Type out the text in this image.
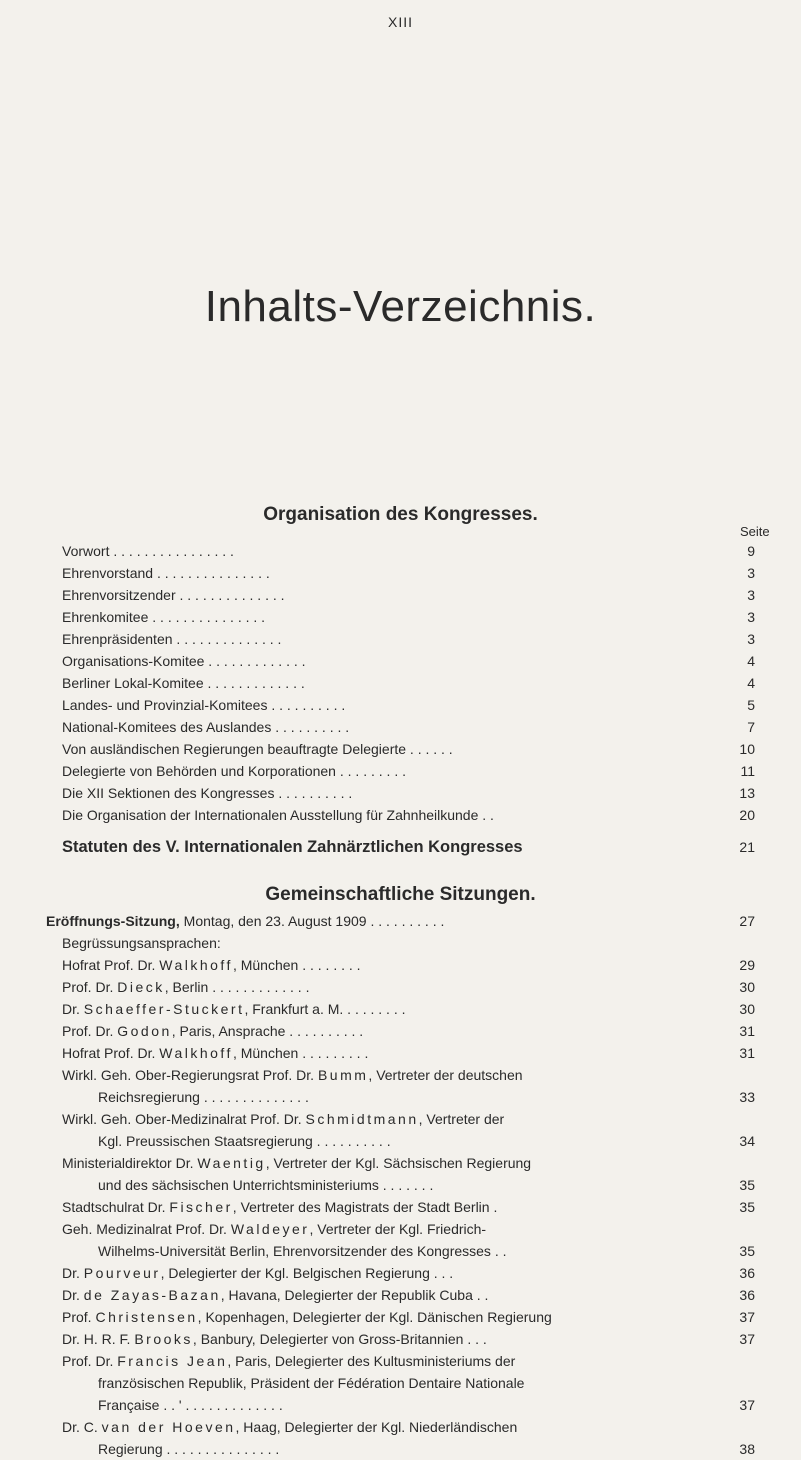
XIII
Inhalts-Verzeichnis.
Organisation des Kongresses.
Seite
Vorwort . . . . . . . . . . . . . . . .	9
Ehrenvorstand . . . . . . . . . . . . . . .	3
Ehrenvorsitzender . . . . . . . . . . . . . .	3
Ehrenkomitee . . . . . . . . . . . . . . .	3
Ehrenpräsidenten . . . . . . . . . . . . . .	3
Organisations-Komitee . . . . . . . . . . . . .	4
Berliner Lokal-Komitee . . . . . . . . . . . . .	4
Landes- und Provinzial-Komitees . . . . . . . . . .	5
National-Komitees des Auslandes . . . . . . . . . .	7
Von ausländischen Regierungen beauftragte Delegierte . . . . . .	10
Delegierte von Behörden und Korporationen . . . . . . . . .	11
Die XII Sektionen des Kongresses . . . . . . . . . .	13
Die Organisation der Internationalen Ausstellung für Zahnheilkunde . .	20
Statuten des V. Internationalen Zahnärztlichen Kongresses	21
Gemeinschaftliche Sitzungen.
Eröffnungs-Sitzung, Montag, den 23. August 1909 . . . . . . . . . .	27
Begrüssungsansprachen:
Hofrat Prof. Dr. Walkhoff, München . . . . . . . .	29
Prof. Dr. Dieck, Berlin . . . . . . . . . . . . .	30
Dr. Schaeffer-Stuckert, Frankfurt a. M. . . . . . . . .	30
Prof. Dr. Godon, Paris, Ansprache . . . . . . . . . .	31
Hofrat Prof. Dr. Walkhoff, München . . . . . . . . .	31
Wirkl. Geh. Ober-Regierungsrat Prof. Dr. Bumm, Vertreter der deutschen
Reichsregierung . . . . . . . . . . . . . .	33
Wirkl. Geh. Ober-Medizinalrat Prof. Dr. Schmidtmann, Vertreter der
Kgl. Preussischen Staatsregierung . . . . . . . . . .	34
Ministerialdirektor Dr. Waentig, Vertreter der Kgl. Sächsischen Regierung
und des sächsischen Unterrichtsministeriums . . . . . . .	35
Stadtschulrat Dr. Fischer, Vertreter des Magistrats der Stadt Berlin .	35
Geh. Medizinalrat Prof. Dr. Waldeyer, Vertreter der Kgl. Friedrich-
Wilhelms-Universität Berlin, Ehrenvorsitzender des Kongresses . .	35
Dr. Pourveur, Delegierter der Kgl. Belgischen Regierung . . .	36
Dr. de Zayas-Bazan, Havana, Delegierter der Republik Cuba . .	36
Prof. Christensen, Kopenhagen, Delegierter der Kgl. Dänischen Regierung	37
Dr. H. R. F. Brooks, Banbury, Delegierter von Gross-Britannien . . .	37
Prof. Dr. Francis Jean, Paris, Delegierter des Kultusministeriums der
französischen Republik, Präsident der Fédération Dentaire Nationale
Française . . ' . . . . . . . . . . . . .	37
Dr. C. van der Hoeven, Haag, Delegierter der Kgl. Niederländischen
Regierung . . . . . . . . . . . . . . .	38
